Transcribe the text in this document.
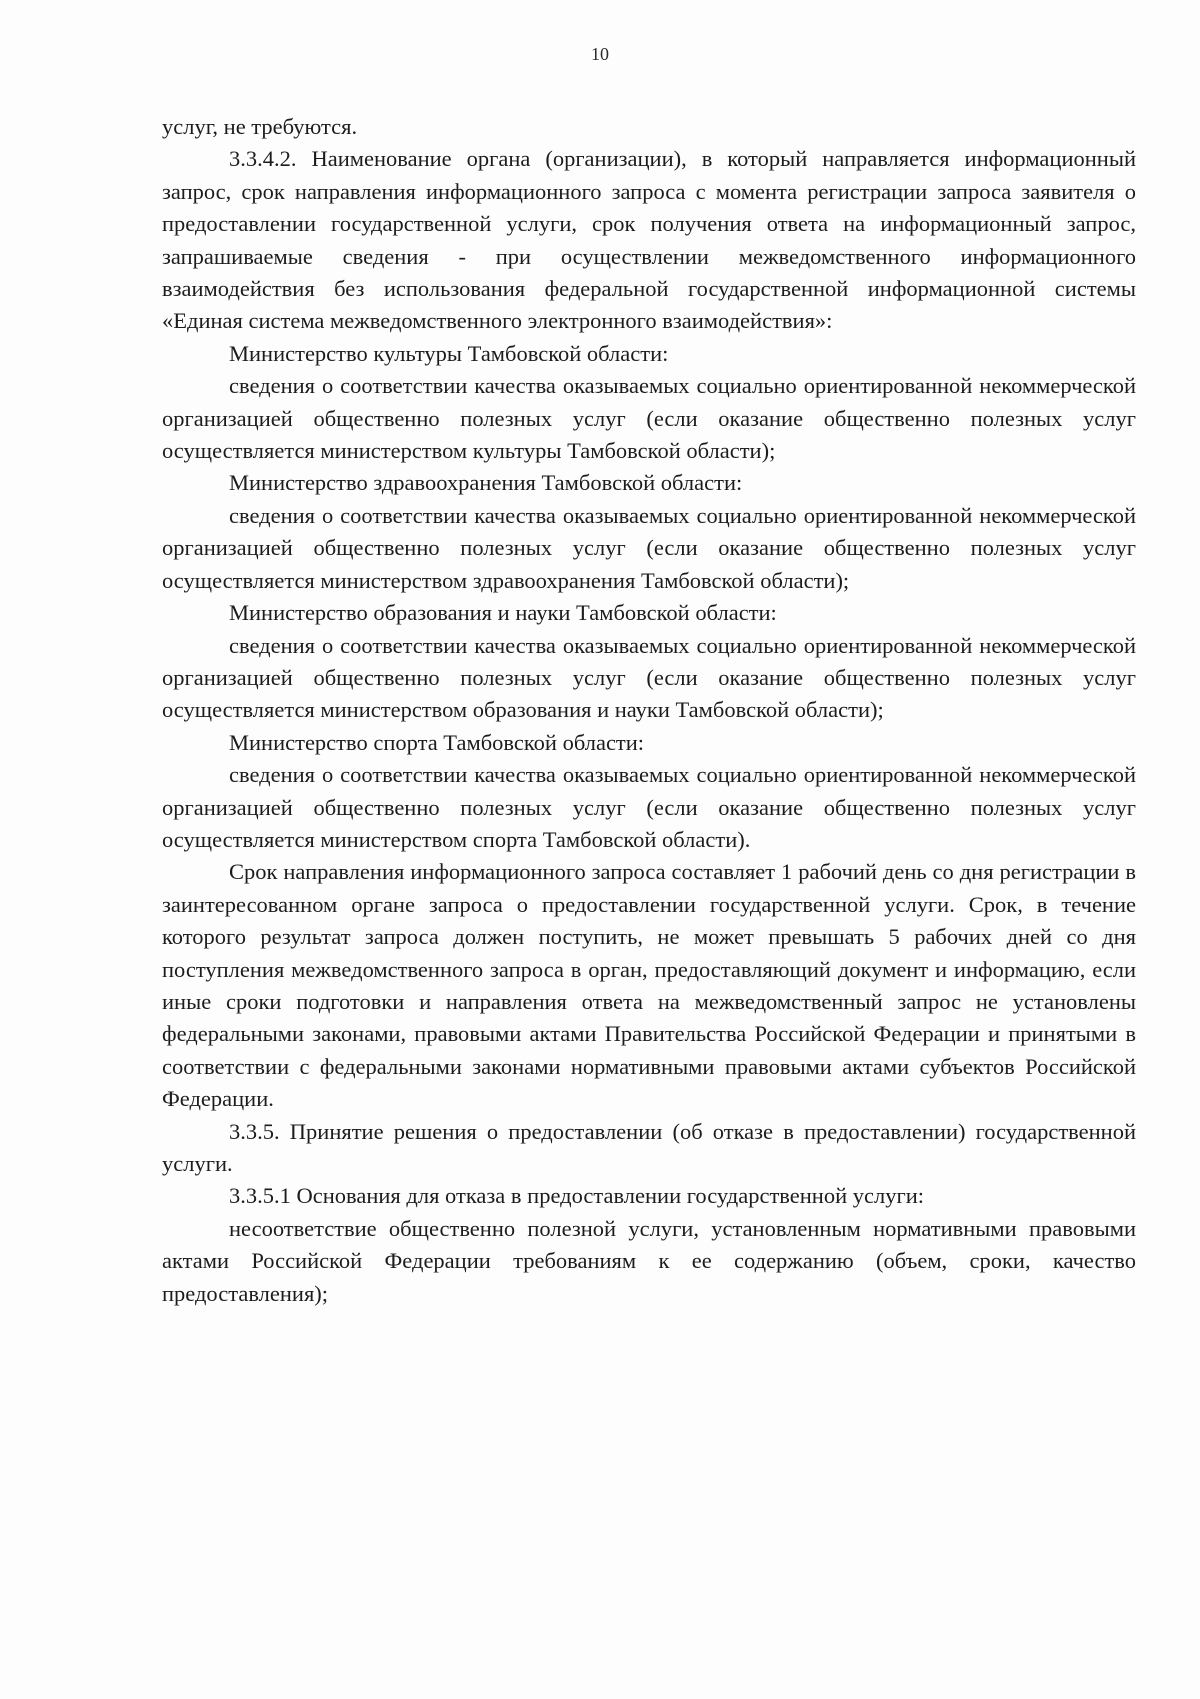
10

услуг, не требуются.

3.3.4.2. Наименование органа (организации), в который направляется информационный запрос, срок направления информационного запроса с момента регистрации запроса заявителя о предоставлении государственной услуги, срок получения ответа на информационный запрос, запрашиваемые сведения - при осуществлении межведомственного информационного взаимодействия без использования федеральной государственной информационной системы «Единая система межведомственного электронного взаимодействия»:

Министерство культуры Тамбовской области:

сведения о соответствии качества оказываемых социально ориентированной некоммерческой организацией общественно полезных услуг (если оказание общественно полезных услуг осуществляется министерством культуры Тамбовской области);

Министерство здравоохранения Тамбовской области:

сведения о соответствии качества оказываемых социально ориентированной некоммерческой организацией общественно полезных услуг (если оказание общественно полезных услуг осуществляется министерством здравоохранения Тамбовской области);

Министерство образования и науки Тамбовской области:

сведения о соответствии качества оказываемых социально ориентированной некоммерческой организацией общественно полезных услуг (если оказание общественно полезных услуг осуществляется министерством образования и науки Тамбовской области);

Министерство спорта Тамбовской области:

сведения о соответствии качества оказываемых социально ориентированной некоммерческой организацией общественно полезных услуг (если оказание общественно полезных услуг осуществляется министерством спорта Тамбовской области).

Срок направления информационного запроса составляет 1 рабочий день со дня регистрации в заинтересованном органе запроса о предоставлении государственной услуги. Срок, в течение которого результат запроса должен поступить, не может превышать 5 рабочих дней со дня поступления межведомственного запроса в орган, предоставляющий документ и информацию, если иные сроки подготовки и направления ответа на межведомственный запрос не установлены федеральными законами, правовыми актами Правительства Российской Федерации и принятыми в соответствии с федеральными законами нормативными правовыми актами субъектов Российской Федерации.

3.3.5. Принятие решения о предоставлении (об отказе в предоставлении) государственной услуги.

3.3.5.1 Основания для отказа в предоставлении государственной услуги:

несоответствие общественно полезной услуги, установленным нормативными правовыми актами Российской Федерации требованиям к ее содержанию (объем, сроки, качество предоставления);
